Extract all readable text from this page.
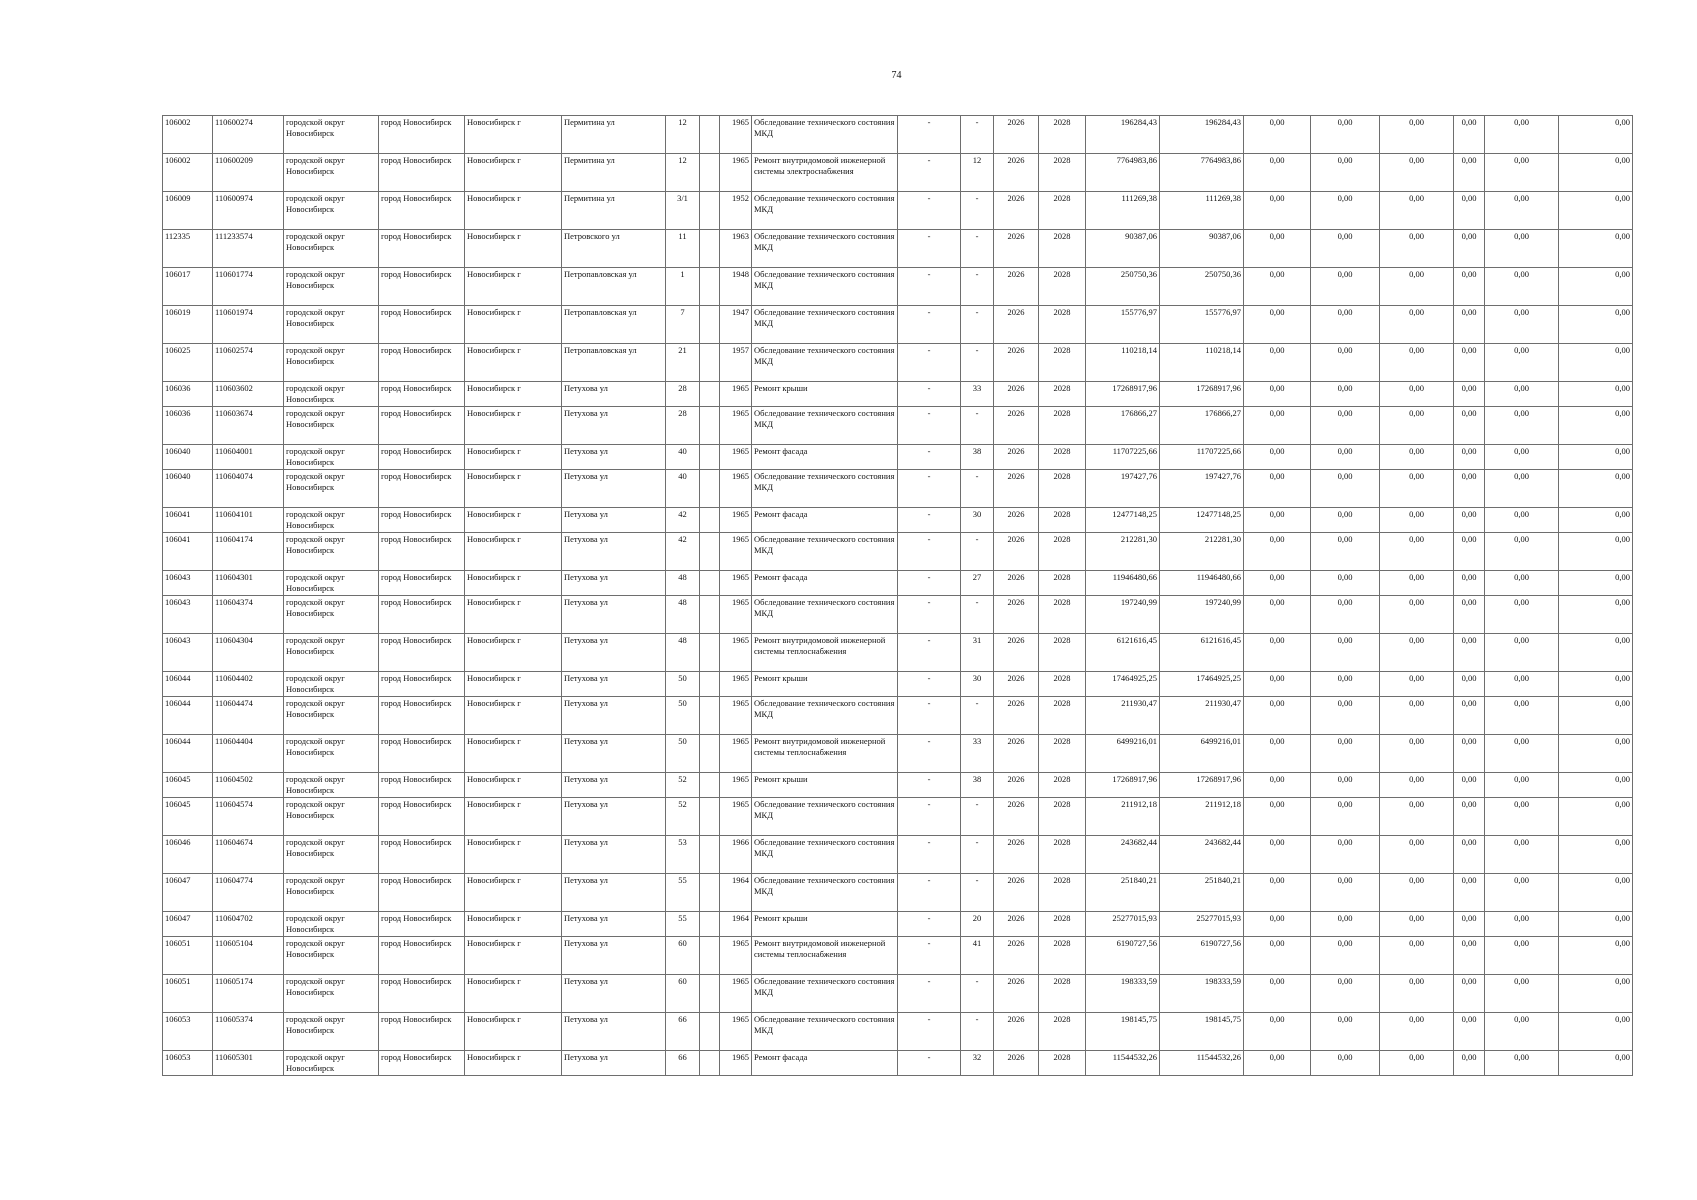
74
106002	110600274	городской округ Новосибирск	город Новосибирск	Новосибирск г	Пермитина ул	12		1965	Обследование технического состояния МКД	-	-	2026	2028	196284,43	196284,43	0,00	0,00	0,00	0,00	0,00	0,00
106002	110600209	городской округ Новосибирск	город Новосибирск	Новосибирск г	Пермитина ул	12		1965	Ремонт внутридомовой инженерной системы электроснабжения	-	12	2026	2028	7764983,86	7764983,86	0,00	0,00	0,00	0,00	0,00	0,00
106009	110600974	городской округ Новосибирск	город Новосибирск	Новосибирск г	Пермитина ул	3/1		1952	Обследование технического состояния МКД	-	-	2026	2028	111269,38	111269,38	0,00	0,00	0,00	0,00	0,00	0,00
112335	111233574	городской округ Новосибирск	город Новосибирск	Новосибирск г	Петровского ул	11		1963	Обследование технического состояния МКД	-	-	2026	2028	90387,06	90387,06	0,00	0,00	0,00	0,00	0,00	0,00
106017	110601774	городской округ Новосибирск	город Новосибирск	Новосибирск г	Петропавловская ул	1		1948	Обследование технического состояния МКД	-	-	2026	2028	250750,36	250750,36	0,00	0,00	0,00	0,00	0,00	0,00
106019	110601974	городской округ Новосибирск	город Новосибирск	Новосибирск г	Петропавловская ул	7		1947	Обследование технического состояния МКД	-	-	2026	2028	155776,97	155776,97	0,00	0,00	0,00	0,00	0,00	0,00
106025	110602574	городской округ Новосибирск	город Новосибирск	Новосибирск г	Петропавловская ул	21		1957	Обследование технического состояния МКД	-	-	2026	2028	110218,14	110218,14	0,00	0,00	0,00	0,00	0,00	0,00
106036	110603602	городской округ Новосибирск	город Новосибирск	Новосибирск г	Петухова ул	28		1965	Ремонт крыши	-	33	2026	2028	17268917,96	17268917,96	0,00	0,00	0,00	0,00	0,00	0,00
106036	110603674	городской округ Новосибирск	город Новосибирск	Новосибирск г	Петухова ул	28		1965	Обследование технического состояния МКД	-	-	2026	2028	176866,27	176866,27	0,00	0,00	0,00	0,00	0,00	0,00
106040	110604001	городской округ Новосибирск	город Новосибирск	Новосибирск г	Петухова ул	40		1965	Ремонт фасада	-	38	2026	2028	11707225,66	11707225,66	0,00	0,00	0,00	0,00	0,00	0,00
106040	110604074	городской округ Новосибирск	город Новосибирск	Новосибирск г	Петухова ул	40		1965	Обследование технического состояния МКД	-	-	2026	2028	197427,76	197427,76	0,00	0,00	0,00	0,00	0,00	0,00
106041	110604101	городской округ Новосибирск	город Новосибирск	Новосибирск г	Петухова ул	42		1965	Ремонт фасада	-	30	2026	2028	12477148,25	12477148,25	0,00	0,00	0,00	0,00	0,00	0,00
106041	110604174	городской округ Новосибирск	город Новосибирск	Новосибирск г	Петухова ул	42		1965	Обследование технического состояния МКД	-	-	2026	2028	212281,30	212281,30	0,00	0,00	0,00	0,00	0,00	0,00
106043	110604301	городской округ Новосибирск	город Новосибирск	Новосибирск г	Петухова ул	48		1965	Ремонт фасада	-	27	2026	2028	11946480,66	11946480,66	0,00	0,00	0,00	0,00	0,00	0,00
106043	110604374	городской округ Новосибирск	город Новосибирск	Новосибирск г	Петухова ул	48		1965	Обследование технического состояния МКД	-	-	2026	2028	197240,99	197240,99	0,00	0,00	0,00	0,00	0,00	0,00
106043	110604304	городской округ Новосибирск	город Новосибирск	Новосибирск г	Петухова ул	48		1965	Ремонт внутридомовой инженерной системы теплоснабжения	-	31	2026	2028	6121616,45	6121616,45	0,00	0,00	0,00	0,00	0,00	0,00
106044	110604402	городской округ Новосибирск	город Новосибирск	Новосибирск г	Петухова ул	50		1965	Ремонт крыши	-	30	2026	2028	17464925,25	17464925,25	0,00	0,00	0,00	0,00	0,00	0,00
106044	110604474	городской округ Новосибирск	город Новосибирск	Новосибирск г	Петухова ул	50		1965	Обследование технического состояния МКД	-	-	2026	2028	211930,47	211930,47	0,00	0,00	0,00	0,00	0,00	0,00
106044	110604404	городской округ Новосибирск	город Новосибирск	Новосибирск г	Петухова ул	50		1965	Ремонт внутридомовой инженерной системы теплоснабжения	-	33	2026	2028	6499216,01	6499216,01	0,00	0,00	0,00	0,00	0,00	0,00
106045	110604502	городской округ Новосибирск	город Новосибирск	Новосибирск г	Петухова ул	52		1965	Ремонт крыши	-	38	2026	2028	17268917,96	17268917,96	0,00	0,00	0,00	0,00	0,00	0,00
106045	110604574	городской округ Новосибирск	город Новосибирск	Новосибирск г	Петухова ул	52		1965	Обследование технического состояния МКД	-	-	2026	2028	211912,18	211912,18	0,00	0,00	0,00	0,00	0,00	0,00
106046	110604674	городской округ Новосибирск	город Новосибирск	Новосибирск г	Петухова ул	53		1966	Обследование технического состояния МКД	-	-	2026	2028	243682,44	243682,44	0,00	0,00	0,00	0,00	0,00	0,00
106047	110604774	городской округ Новосибирск	город Новосибирск	Новосибирск г	Петухова ул	55		1964	Обследование технического состояния МКД	-	-	2026	2028	251840,21	251840,21	0,00	0,00	0,00	0,00	0,00	0,00
106047	110604702	городской округ Новосибирск	город Новосибирск	Новосибирск г	Петухова ул	55		1964	Ремонт крыши	-	20	2026	2028	25277015,93	25277015,93	0,00	0,00	0,00	0,00	0,00	0,00
106051	110605104	городской округ Новосибирск	город Новосибирск	Новосибирск г	Петухова ул	60		1965	Ремонт внутридомовой инженерной системы теплоснабжения	-	41	2026	2028	6190727,56	6190727,56	0,00	0,00	0,00	0,00	0,00	0,00
106051	110605174	городской округ Новосибирск	город Новосибирск	Новосибирск г	Петухова ул	60		1965	Обследование технического состояния МКД	-	-	2026	2028	198333,59	198333,59	0,00	0,00	0,00	0,00	0,00	0,00
106053	110605374	городской округ Новосибирск	город Новосибирск	Новосибирск г	Петухова ул	66		1965	Обследование технического состояния МКД	-	-	2026	2028	198145,75	198145,75	0,00	0,00	0,00	0,00	0,00	0,00
106053	110605301	городской округ Новосибирск	город Новосибирск	Новосибирск г	Петухова ул	66		1965	Ремонт фасада	-	32	2026	2028	11544532,26	11544532,26	0,00	0,00	0,00	0,00	0,00	0,00
